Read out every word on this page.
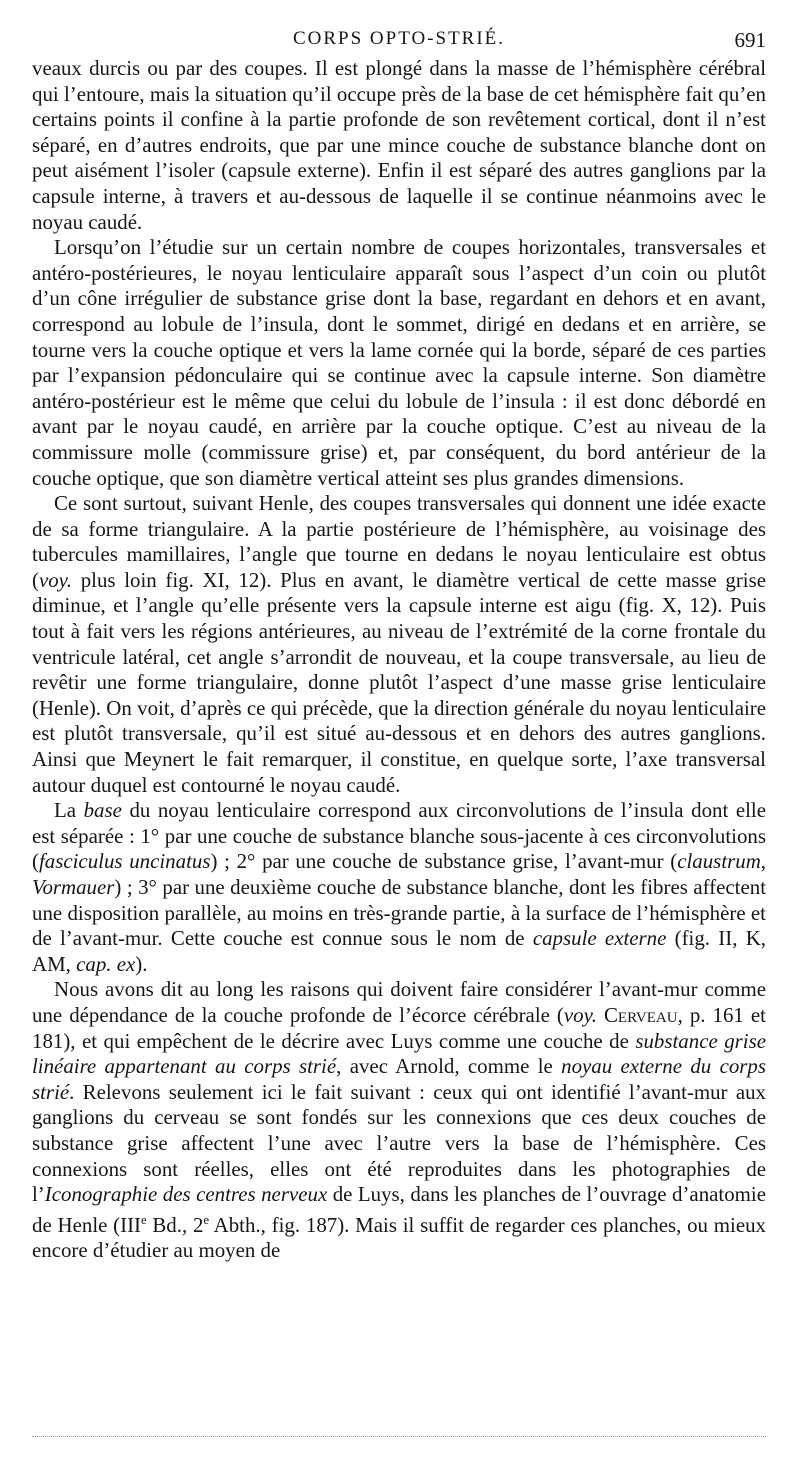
CORPS OPTO-STRIÉ.	691

veaux durcis ou par des coupes. Il est plongé dans la masse de l’hémisphère cérébral qui l’entoure, mais la situation qu’il occupe près de la base de cet hémisphère fait qu’en certains points il confine à la partie profonde de son revêtement cortical, dont il n’est séparé, en d’autres endroits, que par une mince couche de substance blanche dont on peut aisément l’isoler (capsule externe). Enfin il est séparé des autres ganglions par la capsule interne, à travers et au-dessous de laquelle il se continue néanmoins avec le noyau caudé.

Lorsqu’on l’étudie sur un certain nombre de coupes horizontales, transversales et antéro-postérieures, le noyau lenticulaire apparaît sous l’aspect d’un coin ou plutôt d’un cône irrégulier de substance grise dont la base, regardant en dehors et en avant, correspond au lobule de l’insula, dont le sommet, dirigé en dedans et en arrière, se tourne vers la couche optique et vers la lame cornée qui la borde, séparé de ces parties par l’expansion pédonculaire qui se continue avec la capsule interne. Son diamètre antéro-postérieur est le même que celui du lobule de l’insula : il est donc débordé en avant par le noyau caudé, en arrière par la couche optique. C’est au niveau de la commissure molle (commissure grise) et, par conséquent, du bord antérieur de la couche optique, que son diamètre vertical atteint ses plus grandes dimensions.

Ce sont surtout, suivant Henle, des coupes transversales qui donnent une idée exacte de sa forme triangulaire. A la partie postérieure de l’hémisphère, au voisinage des tubercules mamillaires, l’angle que tourne en dedans le noyau lenticulaire est obtus (voy. plus loin fig. XI, 12). Plus en avant, le diamètre vertical de cette masse grise diminue, et l’angle qu’elle présente vers la capsule interne est aigu (fig. X, 12). Puis tout à fait vers les régions antérieures, au niveau de l’extrémité de la corne frontale du ventricule latéral, cet angle s’arrondit de nouveau, et la coupe transversale, au lieu de revêtir une forme triangulaire, donne plutôt l’aspect d’une masse grise lenticulaire (Henle). On voit, d’après ce qui précède, que la direction générale du noyau lenticulaire est plutôt transversale, qu’il est situé au-dessous et en dehors des autres ganglions. Ainsi que Meynert le fait remarquer, il constitue, en quelque sorte, l’axe transversal autour duquel est contourné le noyau caudé.

La base du noyau lenticulaire correspond aux circonvolutions de l’insula dont elle est séparée : 1° par une couche de substance blanche sous-jacente à ces circonvolutions (fasciculus uncinatus) ; 2° par une couche de substance grise, l’avant-mur (claustrum, Vormauer) ; 3° par une deuxième couche de substance blanche, dont les fibres affectent une disposition parallèle, au moins en très-grande partie, à la surface de l’hémisphère et de l’avant-mur. Cette couche est connue sous le nom de capsule externe (fig. II, K, AM, cap. ex).

Nous avons dit au long les raisons qui doivent faire considérer l’avant-mur comme une dépendance de la couche profonde de l’écorce cérébrale (voy. Cerveau, p. 161 et 181), et qui empêchent de le décrire avec Luys comme une couche de substance grise linéaire appartenant au corps strié, avec Arnold, comme le noyau externe du corps strié. Relevons seulement ici le fait suivant : ceux qui ont identifié l’avant-mur aux ganglions du cerveau se sont fondés sur les connexions que ces deux couches de substance grise affectent l’une avec l’autre vers la base de l’hémisphère. Ces connexions sont réelles, elles ont été reproduites dans les photographies de l’Iconographie des centres nerveux de Luys, dans les planches de l’ouvrage d’anatomie de Henle (IIIe Bd., 2e Abth., fig. 187). Mais il suffit de regarder ces planches, ou mieux encore d’étudier au moyen de
